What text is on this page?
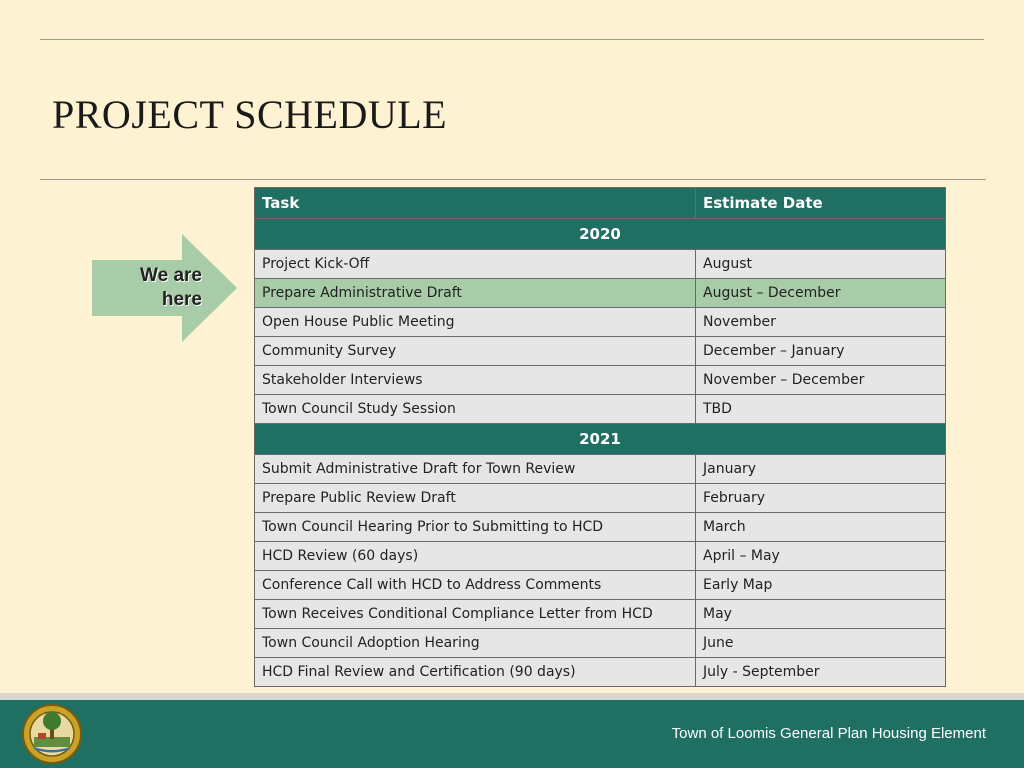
PROJECT SCHEDULE
We are
here
Task	Estimate Date
2020	
Project Kick-Off	August
Prepare Administrative Draft	August – December
Open House Public Meeting	November
Community Survey	December – January
Stakeholder Interviews	November – December
Town Council Study Session	TBD
2021	
Submit Administrative Draft for Town Review	January
Prepare Public Review Draft	February
Town Council Hearing Prior to Submitting to HCD	March
HCD Review (60 days)	April – May
Conference Call with HCD to Address Comments	Early Map
Town Receives Conditional Compliance Letter from HCD	May
Town Council Adoption Hearing	June
HCD Final Review and Certification (90 days)	July - September
Town of Loomis General Plan Housing Element
